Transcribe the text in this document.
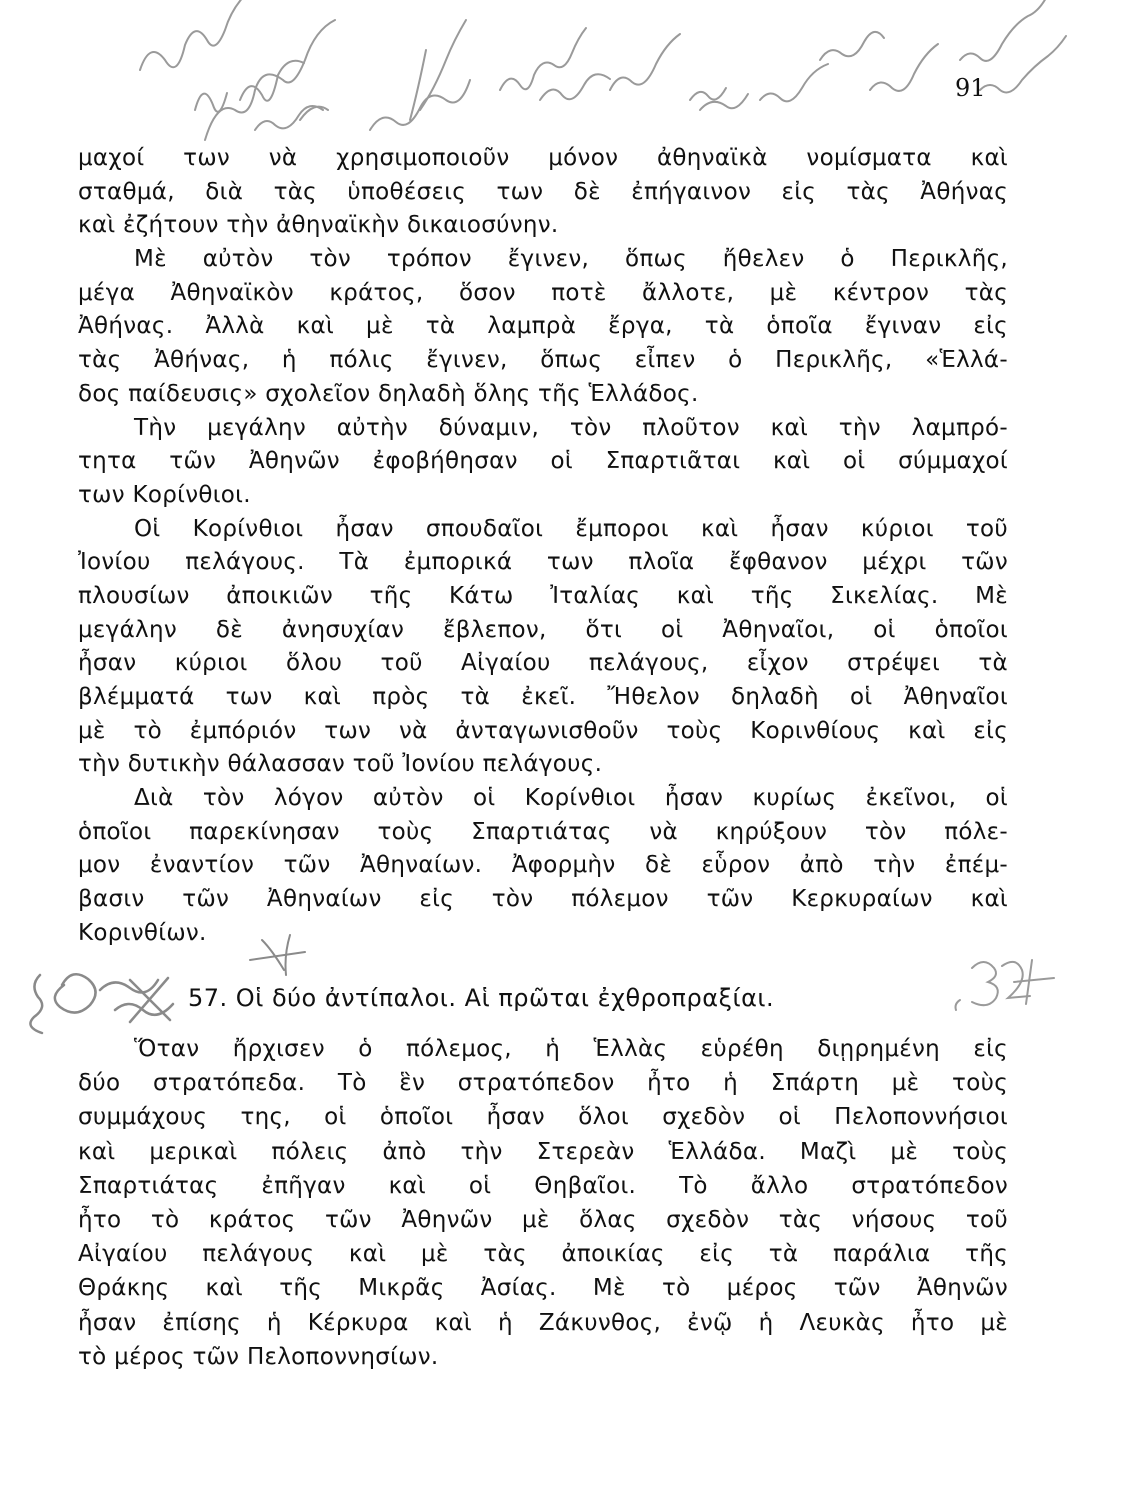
91
μαχοί των νὰ χρησιμοποιοῦν μόνον ἀθηναϊκὰ νομίσματα καὶ
σταθμά, διὰ τὰς ὑποθέσεις των δὲ ἐπήγαινον εἰς τὰς Ἀθήνας
καὶ ἐζήτουν τὴν ἀθηναϊκὴν δικαιοσύνην.
Μὲ αὐτὸν τὸν τρόπον ἔγινεν, ὅπως ἤθελεν ὁ Περικλῆς,
μέγα Ἀθηναϊκὸν κράτος, ὅσον ποτὲ ἄλλοτε, μὲ κέντρον τὰς
Ἀθήνας. Ἀλλὰ καὶ μὲ τὰ λαμπρὰ ἔργα, τὰ ὁποῖα ἔγιναν εἰς
τὰς Ἀθήνας, ἡ πόλις ἔγινεν, ὅπως εἶπεν ὁ Περικλῆς, «Ἑλλά-
δος παίδευσις» σχολεῖον δηλαδὴ ὅλης τῆς Ἑλλάδος.
Τὴν μεγάλην αὐτὴν δύναμιν, τὸν πλοῦτον καὶ τὴν λαμπρό-
τητα τῶν Ἀθηνῶν ἐφοβήθησαν οἱ Σπαρτιᾶται καὶ οἱ σύμμαχοί
των Κορίνθιοι.
Οἱ Κορίνθιοι ἦσαν σπουδαῖοι ἔμποροι καὶ ἦσαν κύριοι τοῦ
Ἰονίου πελάγους. Τὰ ἐμπορικά των πλοῖα ἔφθανον μέχρι τῶν
πλουσίων ἀποικιῶν τῆς Κάτω Ἰταλίας καὶ τῆς Σικελίας. Μὲ
μεγάλην δὲ ἀνησυχίαν ἔβλεπον, ὅτι οἱ Ἀθηναῖοι, οἱ ὁποῖοι
ἦσαν κύριοι ὅλου τοῦ Αἰγαίου πελάγους, εἶχον στρέψει τὰ
βλέμματά των καὶ πρὸς τὰ ἐκεῖ. Ἤθελον δηλαδὴ οἱ Ἀθηναῖοι
μὲ τὸ ἐμπόριόν των νὰ ἀνταγωνισθοῦν τοὺς Κορινθίους καὶ εἰς
τὴν δυτικὴν θάλασσαν τοῦ Ἰονίου πελάγους.
Διὰ τὸν λόγον αὐτὸν οἱ Κορίνθιοι ἦσαν κυρίως ἐκεῖνοι, οἱ
ὁποῖοι παρεκίνησαν τοὺς Σπαρτιάτας νὰ κηρύξουν τὸν πόλε-
μον ἐναντίον τῶν Ἀθηναίων. Ἀφορμὴν δὲ εὗρον ἀπὸ τὴν ἐπέμ-
βασιν τῶν Ἀθηναίων εἰς τὸν πόλεμον τῶν Κερκυραίων καὶ
Κορινθίων.
57. Οἱ δύο ἀντίπαλοι. Αἱ πρῶται ἐχθροπραξίαι.
Ὅταν ἤρχισεν ὁ πόλεμος, ἡ Ἑλλὰς εὑρέθη διῃρημένη εἰς
δύο στρατόπεδα. Τὸ ἓν στρατόπεδον ἦτο ἡ Σπάρτη μὲ τοὺς
συμμάχους της, οἱ ὁποῖοι ἦσαν ὅλοι σχεδὸν οἱ Πελοποννήσιοι
καὶ μερικαὶ πόλεις ἀπὸ τὴν Στερεὰν Ἑλλάδα. Μαζὶ μὲ τοὺς
Σπαρτιάτας ἐπῆγαν καὶ οἱ Θηβαῖοι. Τὸ ἄλλο στρατόπεδον
ἦτο τὸ κράτος τῶν Ἀθηνῶν μὲ ὅλας σχεδὸν τὰς νήσους τοῦ
Αἰγαίου πελάγους καὶ μὲ τὰς ἀποικίας εἰς τὰ παράλια τῆς
Θράκης καὶ τῆς Μικρᾶς Ἀσίας. Μὲ τὸ μέρος τῶν Ἀθηνῶν
ἦσαν ἐπίσης ἡ Κέρκυρα καὶ ἡ Ζάκυνθος, ἐνῷ ἡ Λευκὰς ἦτο μὲ
τὸ μέρος τῶν Πελοποννησίων.
